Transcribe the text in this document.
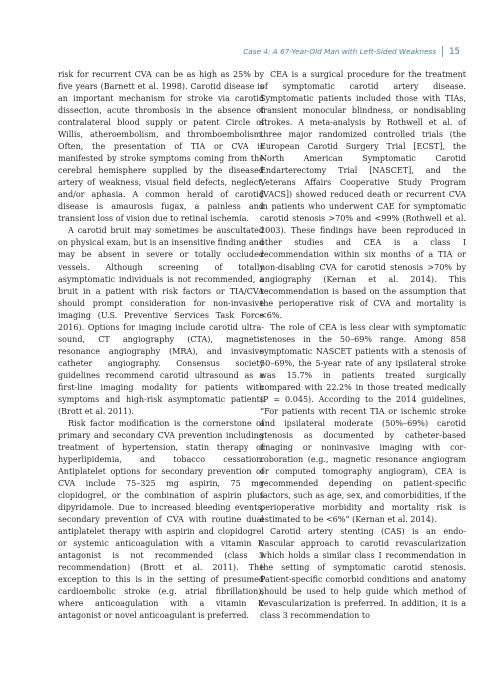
Case 4: A 67-Year-Old Man with Left-Sided Weakness 15

risk for recurrent CVA can be as high as 25% by five years (Barnett et al. 1998). Carotid disease is an important mechanism for stroke via carotid dissection, acute thrombosis in the absence of contralateral blood supply or patent Circle of Willis, atheroembolism, and thromboembolism. Often, the presentation of TIA or CVA is manifested by stroke symptoms coming from the cerebral hemisphere supplied by the diseased artery of weakness, visual field defects, neglect, and/or aphasia. A common herald of carotid disease is amaurosis fugax, a painless and transient loss of vision due to retinal ischemia.

A carotid bruit may sometimes be auscultated on physical exam, but is an insensitive finding and may be absent in severe or totally occluded vessels. Although screening of totally asymptomatic individuals is not recommended, a bruit in a patient with risk factors or TIA/CVA should prompt consideration for non-invasive imaging (U.S. Preventive Services Task Force 2016). Options for imaging include carotid ultrasound, CT angiography (CTA), magnetic resonance angiography (MRA), and invasive catheter angiography. Consensus society guidelines recommend carotid ultrasound as a first-line imaging modality for patients with symptoms and high-risk asymptomatic patients (Brott et al. 2011).

Risk factor modification is the cornerstone of primary and secondary CVA prevention including treatment of hypertension, statin therapy of hyperlipidemia, and tobacco cessation. Antiplatelet options for secondary prevention of CVA include 75–325 mg aspirin, 75 mg clopidogrel, or the combination of aspirin plus dipyridamole. Due to increased bleeding events, secondary prevention of CVA with routine dual antiplatelet therapy with aspirin and clopidogrel or systemic anticoagulation with a vitamin K antagonist is not recommended (class 3 recommendation) (Brott et al. 2011). The exception to this is in the setting of presumed cardioembolic stroke (e.g. atrial fibrillation), where anticoagulation with a vitamin K antagonist or novel anticoagulant is preferred.

CEA is a surgical procedure for the treatment of symptomatic carotid artery disease. Symptomatic patients included those with TIAs, transient monocular blindness, or nondisabling strokes. A meta-analysis by Rothwell et al. of three major randomized controlled trials (the European Carotid Surgery Trial [ECST], the North American Symptomatic Carotid Endarterectomy Trial [NASCET], and the Veterans Affairs Cooperative Study Program [VACS]) showed reduced death or recurrent CVA in patients who underwent CAE for symptomatic carotid stenosis >70% and <99% (Rothwell et al. 2003). These findings have been reproduced in other studies and CEA is a class I recommendation within six months of a TIA or non-disabling CVA for carotid stenosis >70% by angiography (Kernan et al. 2014). This recommendation is based on the assumption that the perioperative risk of CVA and mortality is <6%.

The role of CEA is less clear with symptomatic stenoses in the 50–69% range. Among 858 symptomatic NASCET patients with a stenosis of 50–69%, the 5-year rate of any ipsilateral stroke was 15.7% in patients treated surgically compared with 22.2% in those treated medically (P = 0.045). According to the 2014 guidelines, “For patients with recent TIA or ischemic stroke and ipsilateral moderate (50%–69%) carotid stenosis as documented by catheter-based imaging or noninvasive imaging with corroboration (e.g., magnetic resonance angiogram or computed tomography angiogram), CEA is recommended depending on patient-specific factors, such as age, sex, and comorbidities, if the perioperative morbidity and mortality risk is estimated to be <6%” (Kernan et al. 2014).

Carotid artery stenting (CAS) is an endovascular approach to carotid revascularization which holds a similar class I recommendation in the setting of symptomatic carotid stenosis. Patient-specific comorbid conditions and anatomy should be used to help guide which method of revascularization is preferred. In addition, it is a class 3 recommendation to
